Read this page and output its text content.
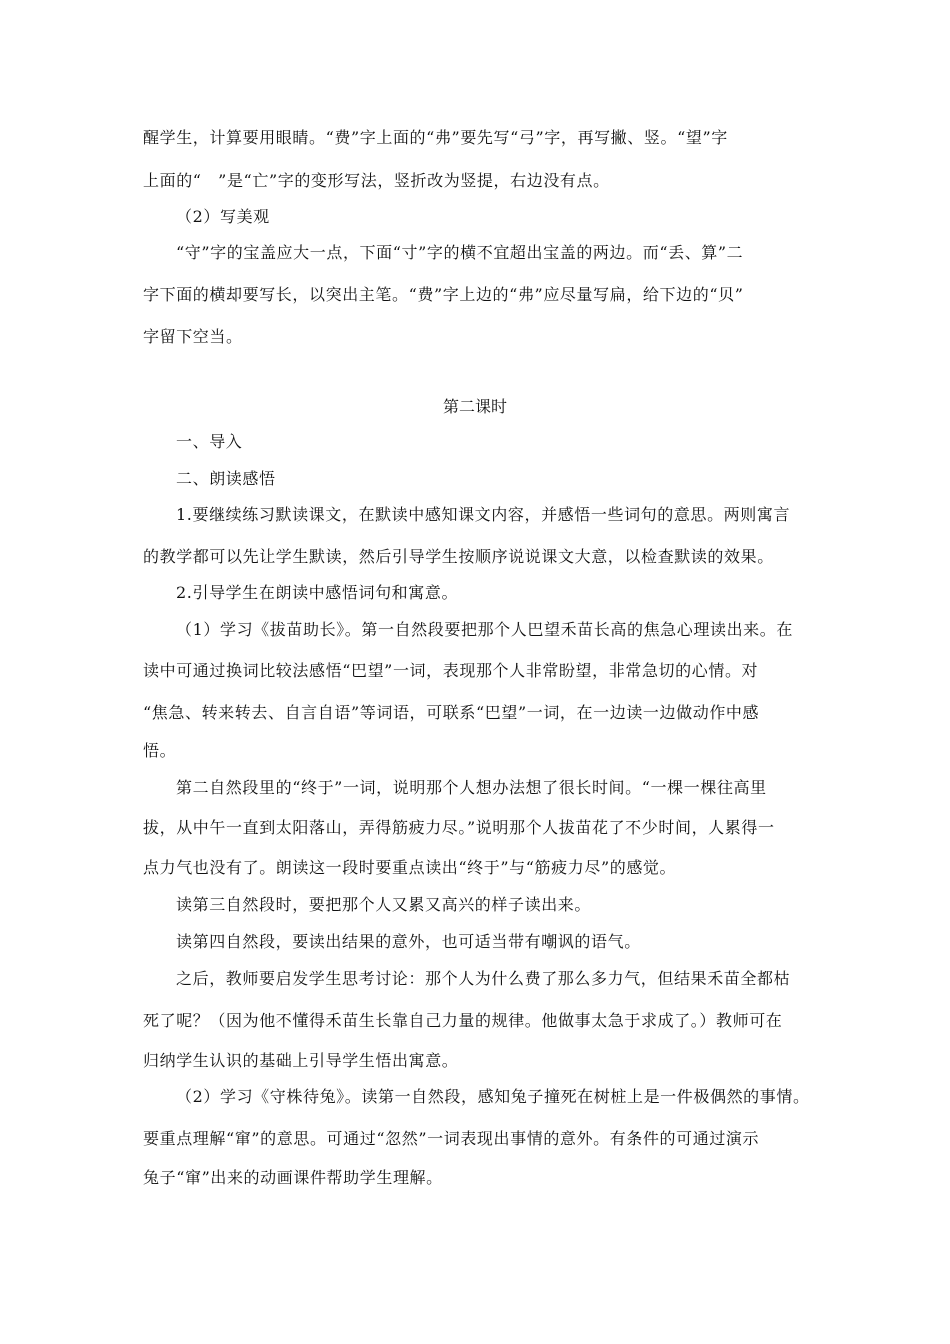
醒学生，计算要用眼睛。“费”字上面的“弗”要先写“弓”字，再写撇、竖。“望”字
上面的“　”是“亡”字的变形写法，竖折改为竖提，右边没有点。
（2）写美观
“守”字的宝盖应大一点，下面“寸”字的横不宜超出宝盖的两边。而“丢、算”二
字下面的横却要写长，以突出主笔。“费”字上边的“弗”应尽量写扁，给下边的“贝”
字留下空当。
第二课时
一、导入
二、朗读感悟
1.要继续练习默读课文，在默读中感知课文内容，并感悟一些词句的意思。两则寓言
的教学都可以先让学生默读，然后引导学生按顺序说说课文大意，以检查默读的效果。
2.引导学生在朗读中感悟词句和寓意。
（1）学习《拔苗助长》。第一自然段要把那个人巴望禾苗长高的焦急心理读出来。在
读中可通过换词比较法感悟“巴望”一词，表现那个人非常盼望，非常急切的心情。对
“焦急、转来转去、自言自语”等词语，可联系“巴望”一词，在一边读一边做动作中感
悟。
第二自然段里的“终于”一词，说明那个人想办法想了很长时间。“一棵一棵往高里
拔，从中午一直到太阳落山，弄得筋疲力尽。”说明那个人拔苗花了不少时间，人累得一
点力气也没有了。朗读这一段时要重点读出“终于”与“筋疲力尽”的感觉。
读第三自然段时，要把那个人又累又高兴的样子读出来。
读第四自然段，要读出结果的意外，也可适当带有嘲讽的语气。
之后，教师要启发学生思考讨论：那个人为什么费了那么多力气，但结果禾苗全都枯
死了呢？（因为他不懂得禾苗生长靠自己力量的规律。他做事太急于求成了。）教师可在
归纳学生认识的基础上引导学生悟出寓意。
（2）学习《守株待兔》。读第一自然段，感知兔子撞死在树桩上是一件极偶然的事情。
要重点理解“窜”的意思。可通过“忽然”一词表现出事情的意外。有条件的可通过演示
兔子“窜”出来的动画课件帮助学生理解。
